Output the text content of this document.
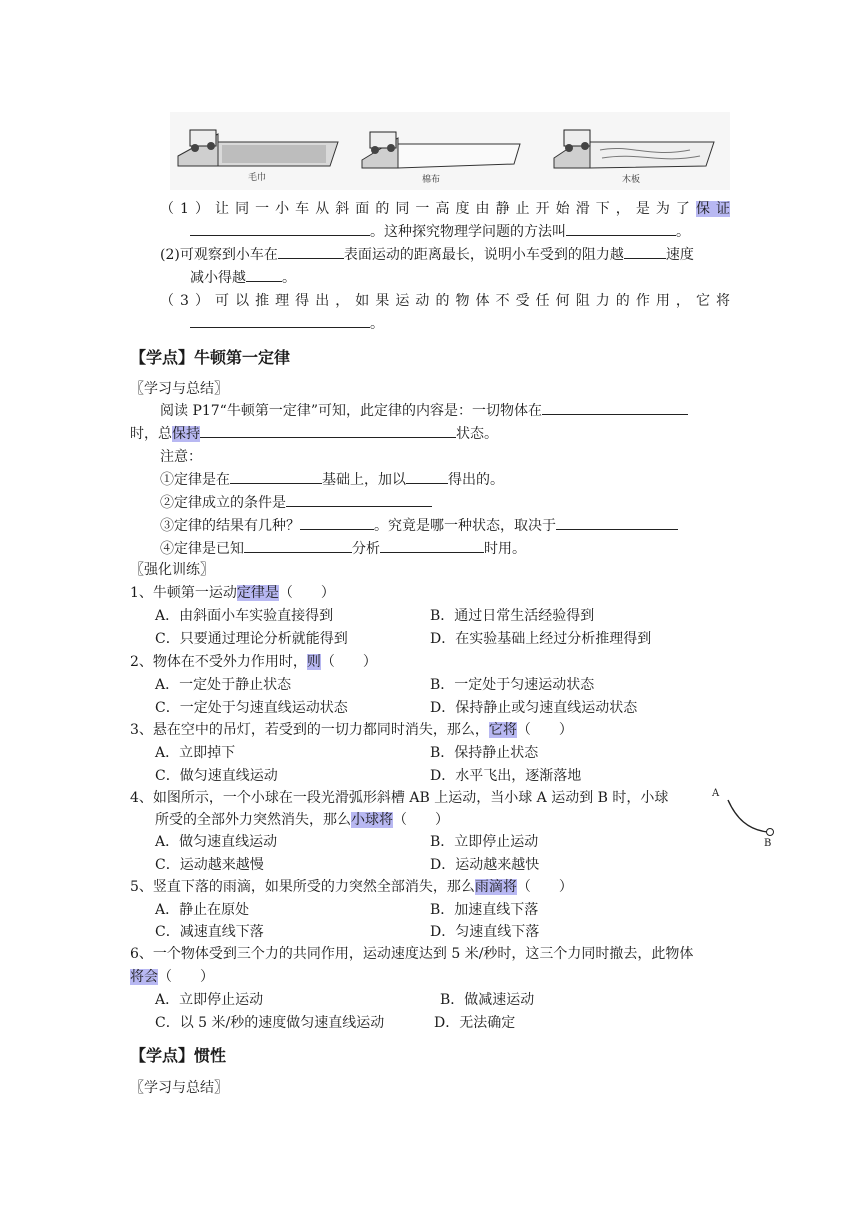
毛巾	棉布	木板
（1）让同一小车从斜面的同一高度由静止开始滑下，是为了保证
。这种探究物理学问题的方法叫	。
(2)可观察到小车在	表面运动的距离最长，说明小车受到的阻力越	速度
减小得越	。
（3）可以推理得出，如果运动的物体不受任何阻力的作用，它将
。
【学点】牛顿第一定律
〖学习与总结〗
阅读 P17“牛顿第一定律”可知，此定律的内容是：一切物体在
时，总保持	状态。
注意：
①定律是在	基础上，加以	得出的。
②定律成立的条件是
③定律的结果有几种？	。究竟是哪一种状态，取决于
④定律是已知	分析	时用。
〖强化训练〗
1、牛顿第一运动定律是（　　）
A．由斜面小车实验直接得到	B．通过日常生活经验得到
C．只要通过理论分析就能得到	D．在实验基础上经过分析推理得到
2、物体在不受外力作用时，则（　　）
A．一定处于静止状态	B．一定处于匀速运动状态
C．一定处于匀速直线运动状态	D．保持静止或匀速直线运动状态
3、悬在空中的吊灯，若受到的一切力都同时消失，那么，它将（　　）
A．立即掉下	B．保持静止状态
C．做匀速直线运动	D．水平飞出，逐渐落地
4、如图所示，一个小球在一段光滑弧形斜槽 AB 上运动，当小球 A 运动到 B 时，小球
所受的全部外力突然消失，那么小球将（　　）
A．做匀速直线运动	B．立即停止运动
C．运动越来越慢	D．运动越来越快
A
B
5、竖直下落的雨滴，如果所受的力突然全部消失，那么雨滴将（　　）
A．静止在原处	B．加速直线下落
C．减速直线下落	D．匀速直线下落
6、一个物体受到三个力的共同作用，运动速度达到 5 米/秒时，这三个力同时撤去，此物体
将会（　　）
A．立即停止运动	B．做减速运动
C．以 5 米/秒的速度做匀速直线运动	D．无法确定
【学点】惯性
〖学习与总结〗
